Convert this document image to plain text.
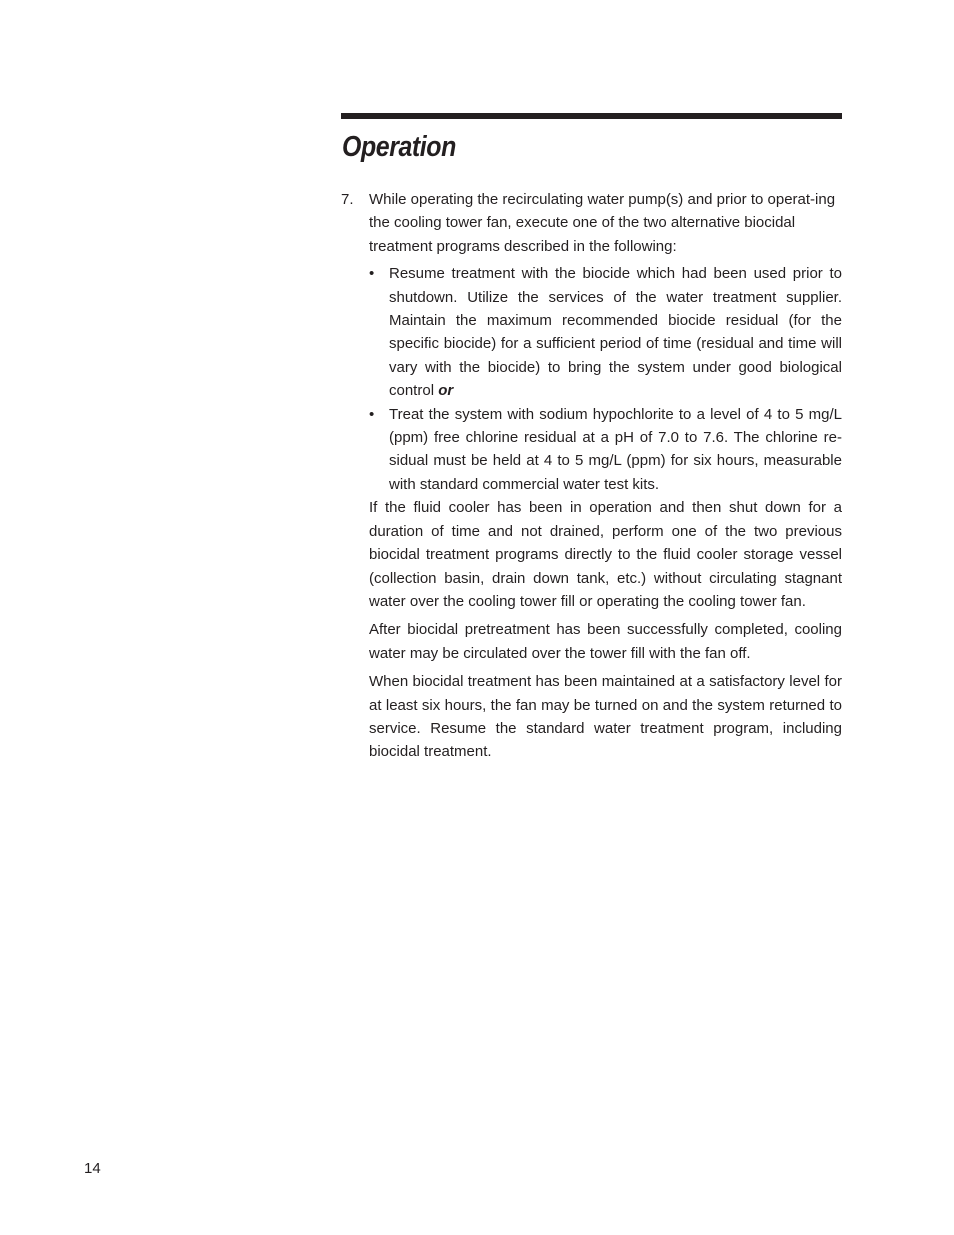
Operation
7. While operating the recirculating water pump(s) and prior to operat-ing the cooling tower fan, execute one of the two alternative biocidal treatment programs described in the following:

• Resume treatment with the biocide which had been used prior to shutdown. Utilize the services of the water treatment supplier. Maintain the maximum recommended biocide residual (for the specific biocide) for a sufficient period of time (residual and time will vary with the biocide) to bring the system under good biological control or
• Treat the system with sodium hypochlorite to a level of 4 to 5 mg/L (ppm) free chlorine residual at a pH of 7.0 to 7.6. The chlorine re-sidual must be held at 4 to 5 mg/L (ppm) for six hours, measurable with standard commercial water test kits.

If the fluid cooler has been in operation and then shut down for a duration of time and not drained, perform one of the two previous biocidal treatment programs directly to the fluid cooler storage vessel (collection basin, drain down tank, etc.) without circulating stagnant water over the cooling tower fill or operating the cooling tower fan.

After biocidal pretreatment has been successfully completed, cooling water may be circulated over the tower fill with the fan off.

When biocidal treatment has been maintained at a satisfactory level for at least six hours, the fan may be turned on and the system returned to service. Resume the standard water treatment program, including biocidal treatment.

14
